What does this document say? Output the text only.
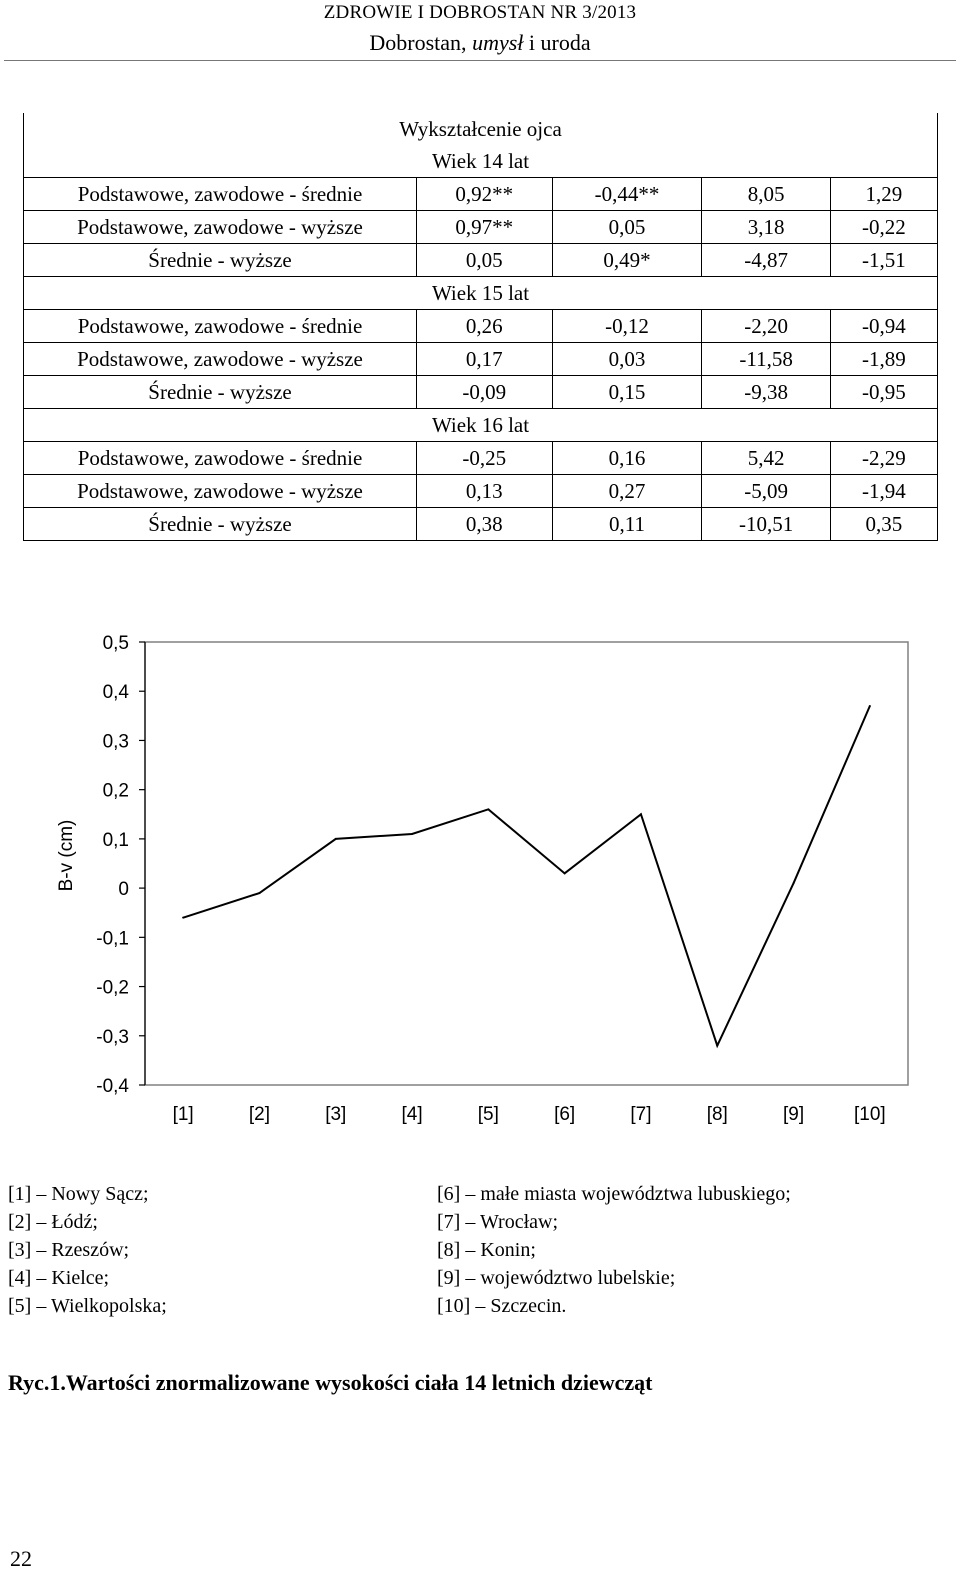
ZDROWIE I DOBROSTAN NR 3/2013
Dobrostan, umysł i uroda
Wykształcenie ojca				
Wiek 14 lat				
Podstawowe, zawodowe - średnie	0,92**	-0,44**	8,05	1,29
Podstawowe, zawodowe - wyższe	0,97**	0,05	3,18	-0,22
Średnie - wyższe	0,05	0,49*	-4,87	-1,51
Wiek 15 lat				
Podstawowe, zawodowe - średnie	0,26	-0,12	-2,20	-0,94
Podstawowe, zawodowe - wyższe	0,17	0,03	-11,58	-1,89
Średnie - wyższe	-0,09	0,15	-9,38	-0,95
Wiek 16 lat				
Podstawowe, zawodowe - średnie	-0,25	0,16	5,42	-2,29
Podstawowe, zawodowe - wyższe	0,13	0,27	-5,09	-1,94
Średnie - wyższe	0,38	0,11	-10,51	0,35
0,5
0,4
0,3
0,2
0,1
0
-0,1
-0,2
-0,3
-0,4
B-v (cm)
[1]	[2]	[3]	[4]	[5]	[6]	[7]	[8]	[9]	[10]
[1] – Nowy Sącz;
[2] – Łódź;
[3] – Rzeszów;
[4] – Kielce;
[5] – Wielkopolska;
[6] – małe miasta województwa lubuskiego;
[7] – Wrocław;
[8] – Konin;
[9] – województwo lubelskie;
[10] – Szczecin.
Ryc.1.Wartości znormalizowane wysokości ciała 14 letnich dziewcząt
22
